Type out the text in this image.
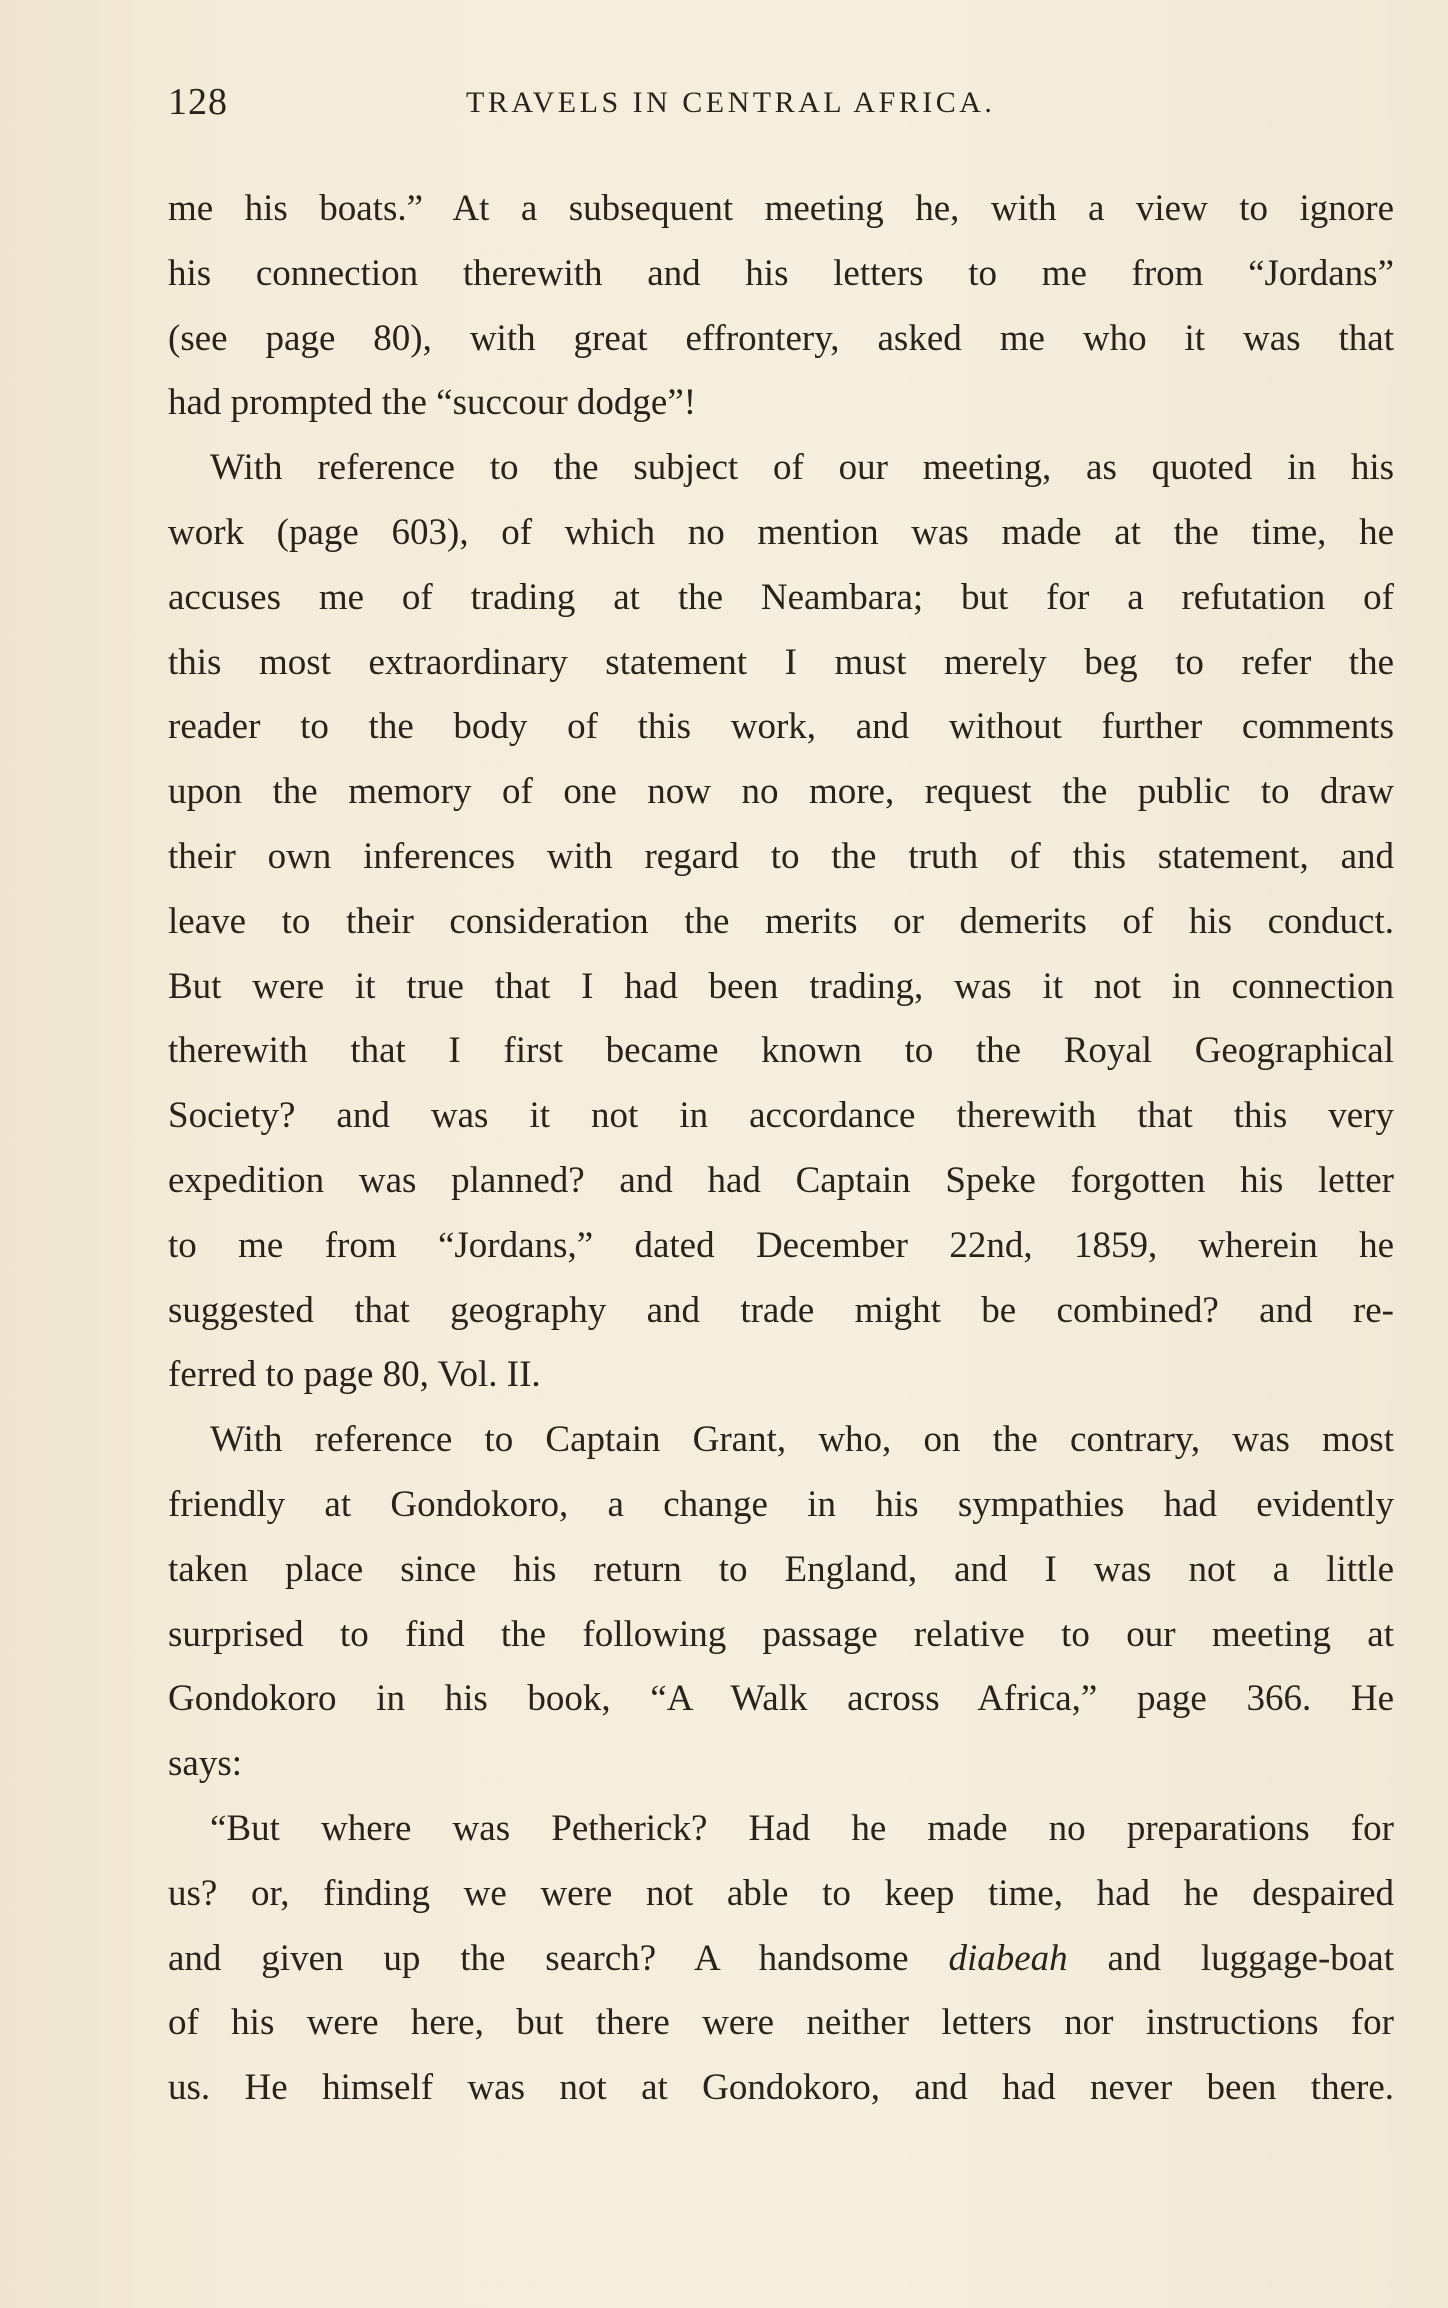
128	TRAVELS IN CENTRAL AFRICA.
me his boats.” At a subsequent meeting he, with a view to ignore
his connection therewith and his letters to me from “Jordans”
(see page 80), with great effrontery, asked me who it was that
had prompted the “succour dodge”!
With reference to the subject of our meeting, as quoted in his
work (page 603), of which no mention was made at the time, he
accuses me of trading at the Neambara; but for a refutation of
this most extraordinary statement I must merely beg to refer the
reader to the body of this work, and without further comments
upon the memory of one now no more, request the public to draw
their own inferences with regard to the truth of this statement, and
leave to their consideration the merits or demerits of his conduct.
But were it true that I had been trading, was it not in connection
therewith that I first became known to the Royal Geographical
Society? and was it not in accordance therewith that this very
expedition was planned? and had Captain Speke forgotten his letter
to me from “Jordans,” dated December 22nd, 1859, wherein he
suggested that geography and trade might be combined? and re-
ferred to page 80, Vol. II.
With reference to Captain Grant, who, on the contrary, was most
friendly at Gondokoro, a change in his sympathies had evidently
taken place since his return to England, and I was not a little
surprised to find the following passage relative to our meeting at
Gondokoro in his book, “A Walk across Africa,” page 366. He
says:
“But where was Petherick? Had he made no preparations for
us? or, finding we were not able to keep time, had he despaired
and given up the search? A handsome diabeah and luggage-boat
of his were here, but there were neither letters nor instructions for
us. He himself was not at Gondokoro, and had never been there.
